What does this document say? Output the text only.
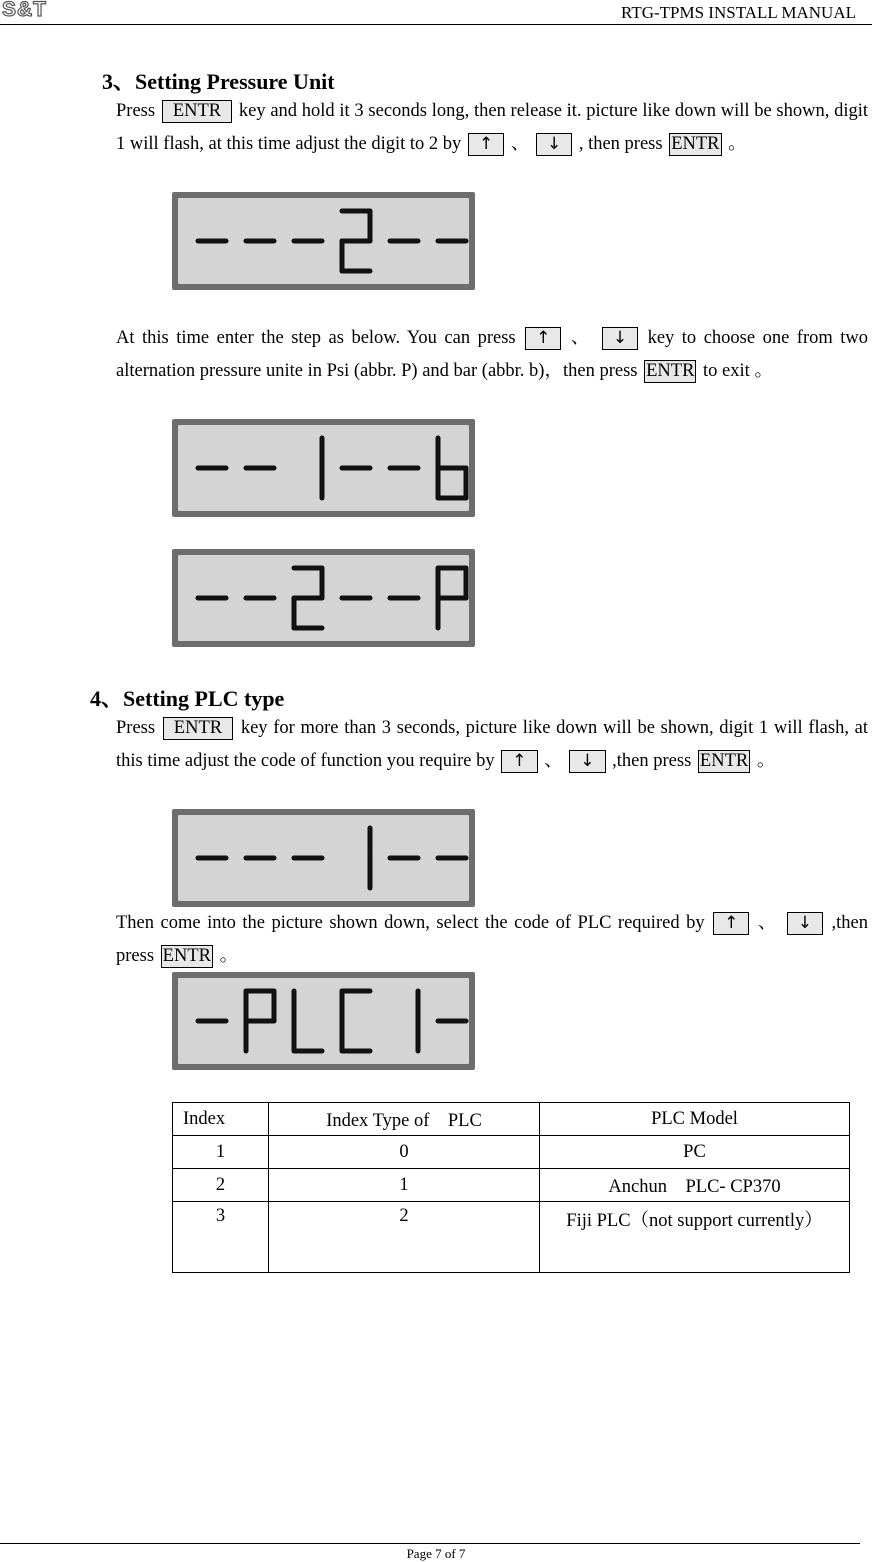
S&T	RTG-TPMS INSTALL MANUAL
3、Setting Pressure Unit
Press ENTR key and hold it 3 seconds long, then release it. picture like down will be shown, digit 1 will flash, at this time adjust the digit to 2 by ↑ 、 ↓ , then press ENTR 。
At this time enter the step as below. You can press ↑ 、 ↓ key to choose one from two alternation pressure unite in Psi (abbr. P) and bar (abbr. b)，then press ENTR to exit 。
4、Setting PLC type
Press ENTR key for more than 3 seconds, picture like down will be shown, digit 1 will flash, at this time adjust the code of function you require by ↑ 、 ↓ ,then press ENTR 。
Then come into the picture shown down, select the code of PLC required by ↑ 、 ↓ ,then press ENTR 。
Index	Index Type of　PLC	PLC Model
1	0	PC
2	1	Anchun　PLC- CP370
3	2	Fiji PLC（not support currently）
Page 7 of 7
